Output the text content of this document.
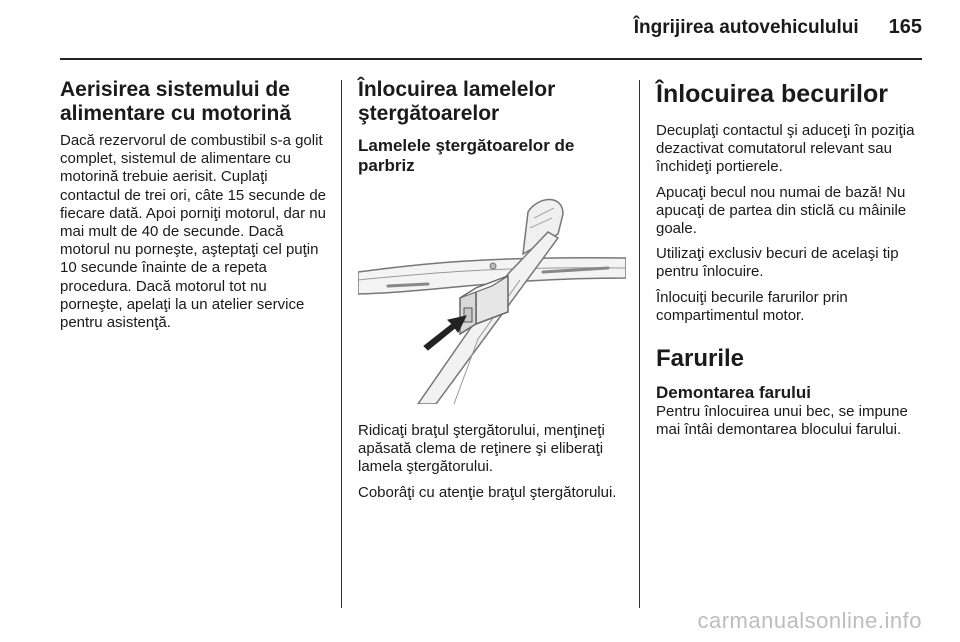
Îngrijirea autovehiculului 165
Aerisirea sistemului de
alimentare cu motorină

Dacă rezervorul de combustibil s-a golit complet, sistemul de alimentare cu motorină trebuie aerisit. Cuplaţi contactul de trei ori, câte 15 secunde de fiecare dată. Apoi porniţi motorul, dar nu mai mult de 40 de secunde. Dacă motorul nu porneşte, aşteptaţi cel puţin 10 secunde înainte de a repeta procedura. Dacă motorul tot nu porneşte, apelaţi la un atelier service pentru asistenţă.

Înlocuirea lamelelor
ştergătoarelor
Lamelele ştergătoarelor de
parbriz

Ridicaţi braţul ştergătorului, menţineţi apăsată clema de reţinere şi eliberaţi lamela ştergătorului.

Coborâţi cu atenţie braţul ştergătorului.

Înlocuirea becurilor

Decuplaţi contactul şi aduceţi în poziţia dezactivat comutatorul relevant sau închideţi portierele.

Apucaţi becul nou numai de bază! Nu apucaţi de partea din sticlă cu mâinile goale.

Utilizaţi exclusiv becuri de acelaşi tip pentru înlocuire.

Înlocuiţi becurile farurilor prin compartimentul motor.

Farurile
Demontarea farului

Pentru înlocuirea unui bec, se impune mai întâi demontarea blocului farului.

carmanualsonline.info
